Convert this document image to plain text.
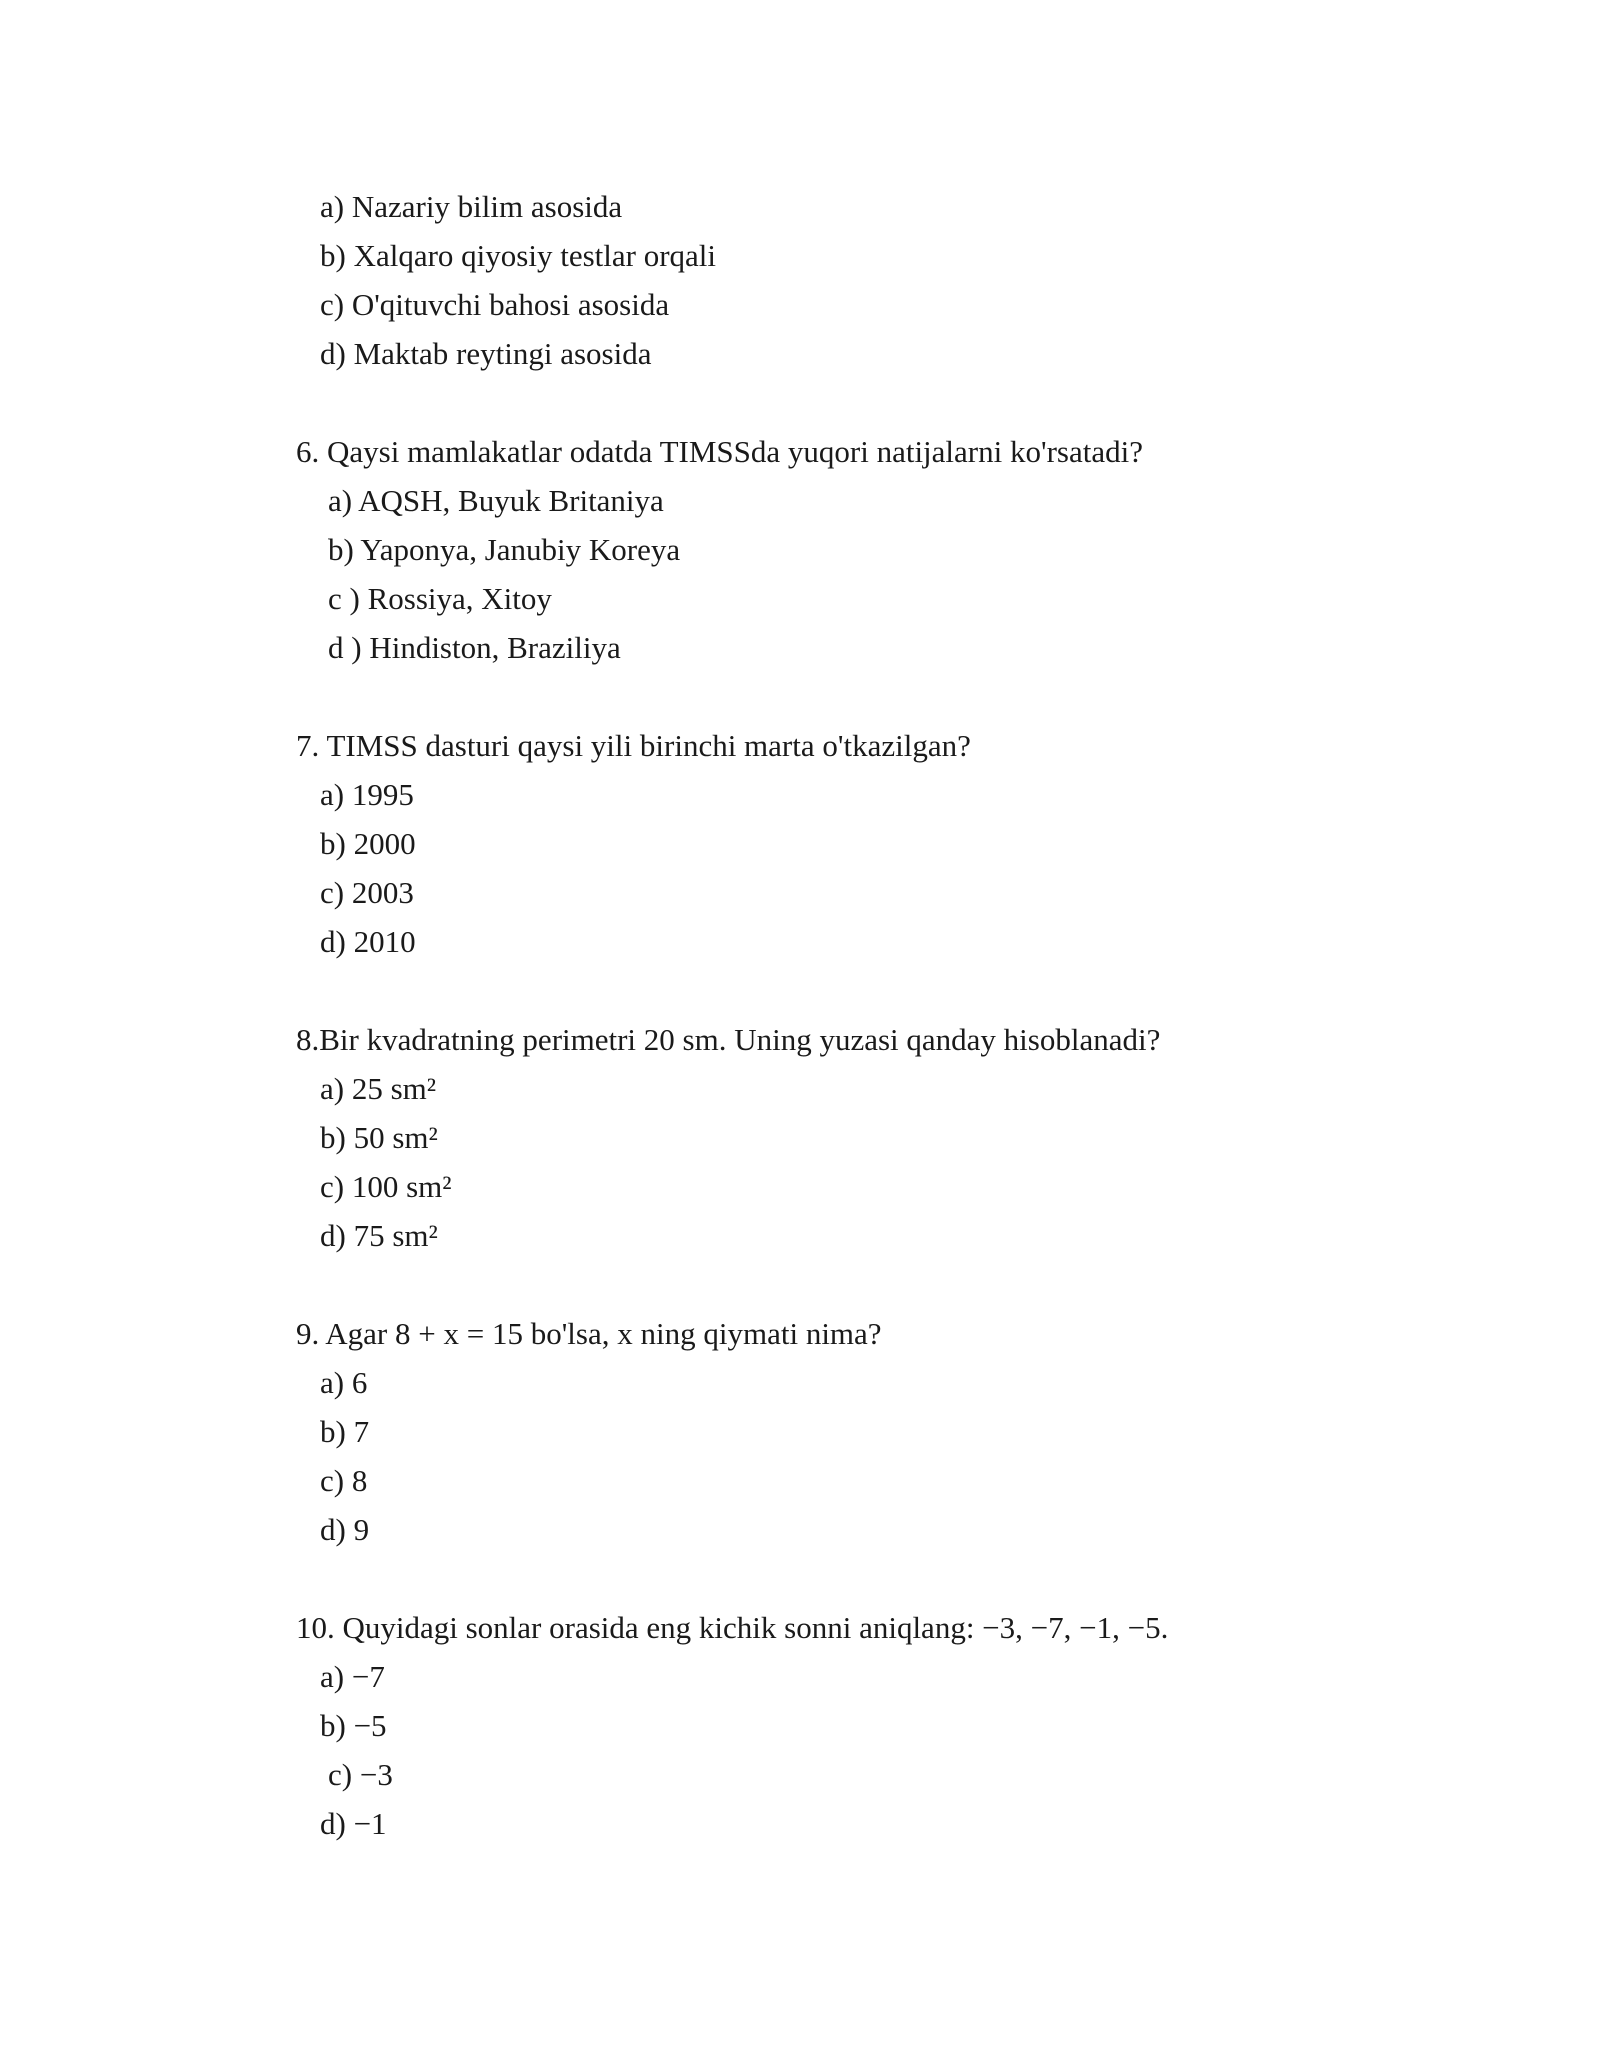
a) Nazariy bilim asosida
b) Xalqaro qiyosiy testlar orqali
c) O'qituvchi bahosi asosida
d) Maktab reytingi asosida
6. Qaysi mamlakatlar odatda TIMSSda yuqori natijalarni ko'rsatadi?
a) AQSH, Buyuk Britaniya
b) Yaponya, Janubiy Koreya
c ) Rossiya, Xitoy
d ) Hindiston, Braziliya
7. TIMSS dasturi qaysi yili birinchi marta o'tkazilgan?
a) 1995
b) 2000
c) 2003
d) 2010
8.Bir kvadratning perimetri 20 sm. Uning yuzasi qanday hisoblanadi?
a) 25 sm²
b) 50 sm²
c) 100 sm²
d) 75 sm²
9. Agar 8 + x = 15 bo'lsa, x ning qiymati nima?
a) 6
b) 7
c) 8
d) 9
10. Quyidagi sonlar orasida eng kichik sonni aniqlang: −3, −7, −1, −5.
a) −7
b) −5
c) −3
d) −1
